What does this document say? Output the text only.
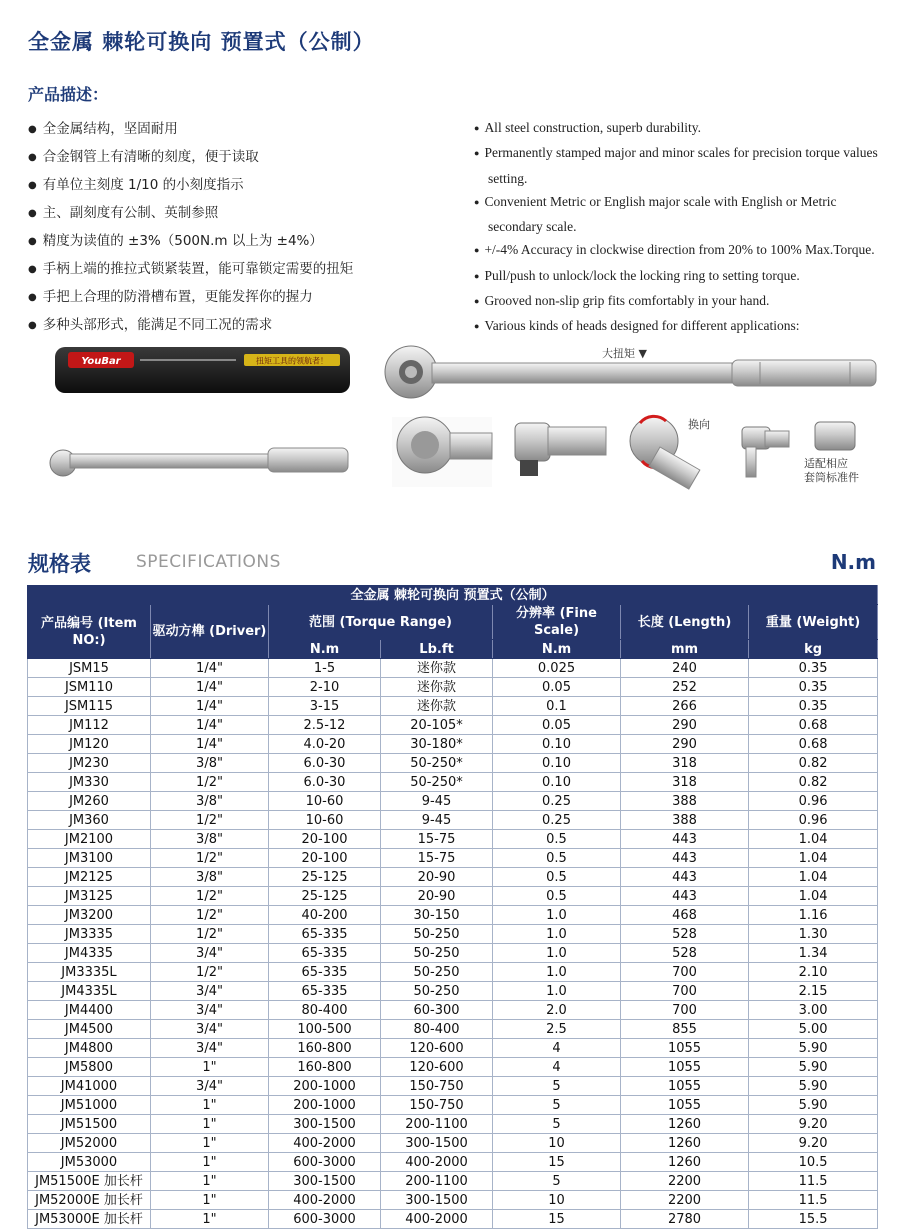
全金属 棘轮可换向 预置式（公制）
产品描述：
● 全金属结构，坚固耐用
● 合金钢管上有清晰的刻度，便于读取
● 有单位主刻度 1/10 的小刻度指示
● 主、副刻度有公制、英制参照
● 精度为读值的 ±3%（500N.m 以上为 ±4%）
● 手柄上端的推拉式锁紧装置，能可靠锁定需要的扭矩
● 手把上合理的防滑槽布置，更能发挥你的握力
● 多种头部形式，能满足不同工况的需求
● All steel construction, superb durability.
● Permanently stamped major and minor scales for precision torque values setting.
● Convenient Metric or English major scale with English or Metric secondary scale.
● +/-4% Accuracy in clockwise direction from 20% to 100% Max.Torque.
● Pull/push to unlock/lock the locking ring to setting torque.
● Grooved non-slip grip fits comfortably in your hand.
● Various kinds of heads designed for different applications:
YouBar	扭矩工具的领航者！
大扭矩 ▼
换向
适配相应
套筒标准件
规格表	SPECIFICATIONS	N.m
全金属 棘轮可换向 预置式（公制）						
产品编号 (Item NO:)	驱动方榫 (Driver)	范围 (Torque Range)		分辨率 (Fine Scale)	长度 (Length)	重量 (Weight)
		N.m	Lb.ft	N.m	mm	kg
JSM15	1/4"	1-5	迷你款	0.025	240	0.35
JSM110	1/4"	2-10	迷你款	0.05	252	0.35
JSM115	1/4"	3-15	迷你款	0.1	266	0.35
JM112	1/4"	2.5-12	20-105*	0.05	290	0.68
JM120	1/4"	4.0-20	30-180*	0.10	290	0.68
JM230	3/8"	6.0-30	50-250*	0.10	318	0.82
JM330	1/2"	6.0-30	50-250*	0.10	318	0.82
JM260	3/8"	10-60	9-45	0.25	388	0.96
JM360	1/2"	10-60	9-45	0.25	388	0.96
JM2100	3/8"	20-100	15-75	0.5	443	1.04
JM3100	1/2"	20-100	15-75	0.5	443	1.04
JM2125	3/8"	25-125	20-90	0.5	443	1.04
JM3125	1/2"	25-125	20-90	0.5	443	1.04
JM3200	1/2"	40-200	30-150	1.0	468	1.16
JM3335	1/2"	65-335	50-250	1.0	528	1.30
JM4335	3/4"	65-335	50-250	1.0	528	1.34
JM3335L	1/2"	65-335	50-250	1.0	700	2.10
JM4335L	3/4"	65-335	50-250	1.0	700	2.15
JM4400	3/4"	80-400	60-300	2.0	700	3.00
JM4500	3/4"	100-500	80-400	2.5	855	5.00
JM4800	3/4"	160-800	120-600	4	1055	5.90
JM5800	1"	160-800	120-600	4	1055	5.90
JM41000	3/4"	200-1000	150-750	5	1055	5.90
JM51000	1"	200-1000	150-750	5	1055	5.90
JM51500	1"	300-1500	200-1100	5	1260	9.20
JM52000	1"	400-2000	300-1500	10	1260	9.20
JM53000	1"	600-3000	400-2000	15	1260	10.5
JM51500E 加长杆	1"	300-1500	200-1100	5	2200	11.5
JM52000E 加长杆	1"	400-2000	300-1500	10	2200	11.5
JM53000E 加长杆	1"	600-3000	400-2000	15	2780	15.5
